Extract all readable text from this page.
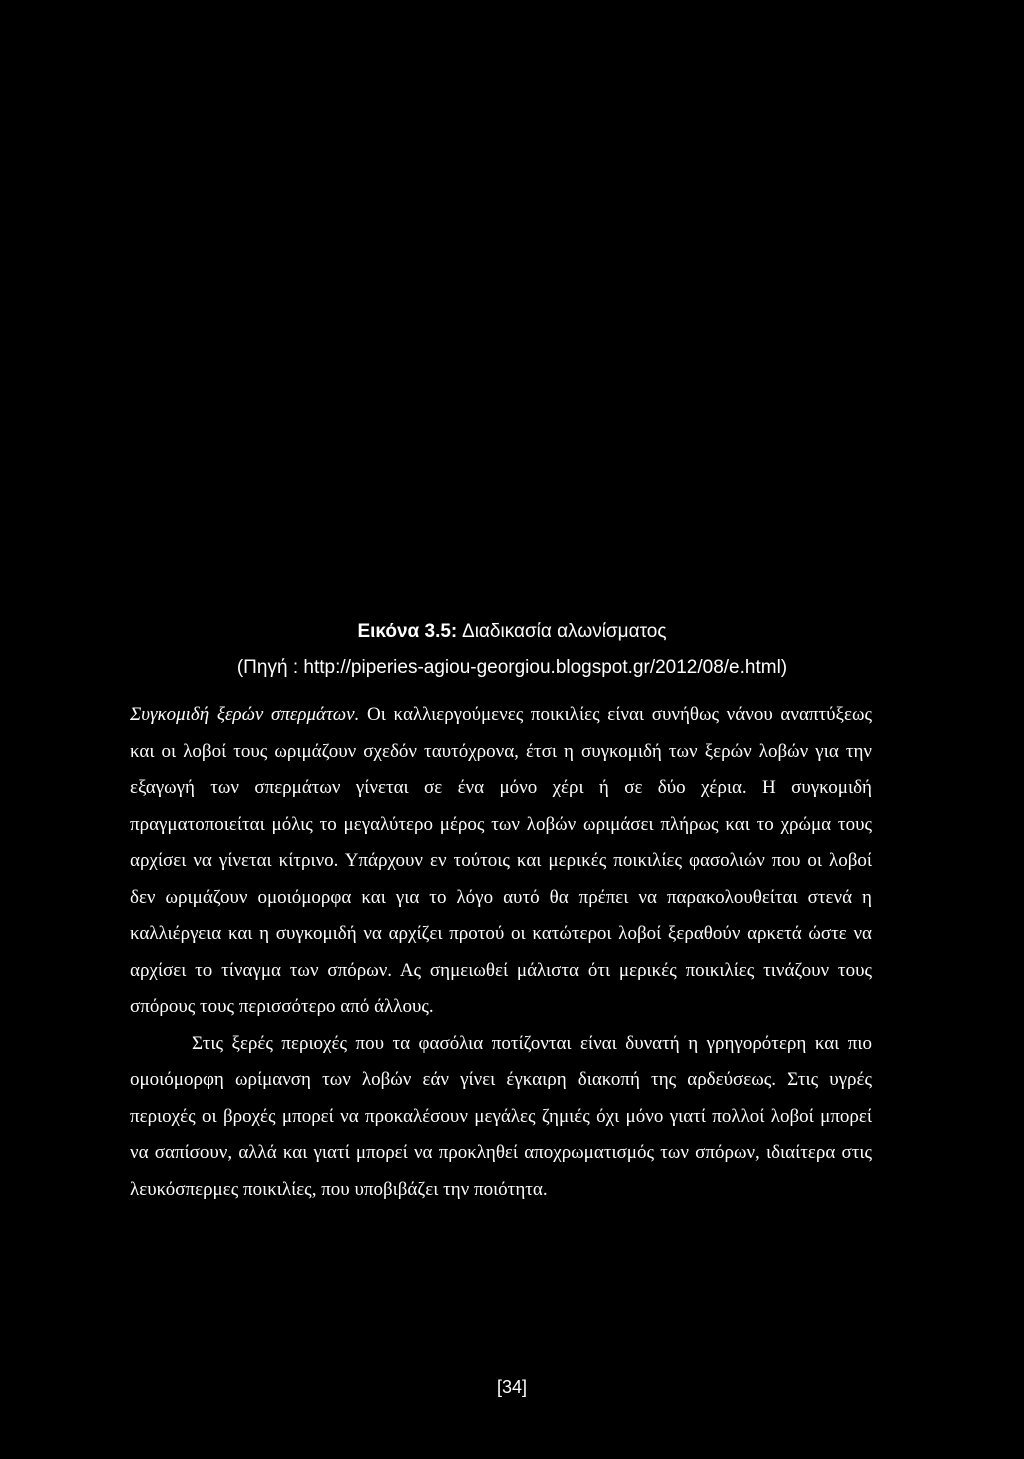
Εικόνα 3.5: Διαδικασία αλωνίσματος
(Πηγή : http://piperies-agiou-georgiou.blogspot.gr/2012/08/e.html)

Συγκομιδή ξερών σπερμάτων. Οι καλλιεργούμενες ποικιλίες είναι συνήθως νάνου αναπτύξεως και οι λοβοί τους ωριμάζουν σχεδόν ταυτόχρονα, έτσι η συγκομιδή των ξερών λοβών για την εξαγωγή των σπερμάτων γίνεται σε ένα μόνο χέρι ή σε δύο χέρια. Η συγκομιδή πραγματοποιείται μόλις το μεγαλύτερο μέρος των λοβών ωριμάσει πλήρως και το χρώμα τους αρχίσει να γίνεται κίτρινο. Υπάρχουν εν τούτοις και μερικές ποικιλίες φασολιών που οι λοβοί δεν ωριμάζουν ομοιόμορφα και για το λόγο αυτό θα πρέπει να παρακολουθείται στενά η καλλιέργεια και η συγκομιδή να αρχίζει προτού οι κατώτεροι λοβοί ξεραθούν αρκετά ώστε να αρχίσει το τίναγμα των σπόρων. Ας σημειωθεί μάλιστα ότι μερικές ποικιλίες τινάζουν τους σπόρους τους περισσότερο από άλλους.

Στις ξερές περιοχές που τα φασόλια ποτίζονται είναι δυνατή η γρηγορότερη και πιο ομοιόμορφη ωρίμανση των λοβών εάν γίνει έγκαιρη διακοπή της αρδεύσεως. Στις υγρές περιοχές οι βροχές μπορεί να προκαλέσουν μεγάλες ζημιές όχι μόνο γιατί πολλοί λοβοί μπορεί να σαπίσουν, αλλά και γιατί μπορεί να προκληθεί αποχρωματισμός των σπόρων, ιδιαίτερα στις λευκόσπερμες ποικιλίες, που υποβιβάζει την ποιότητα.

[34]
